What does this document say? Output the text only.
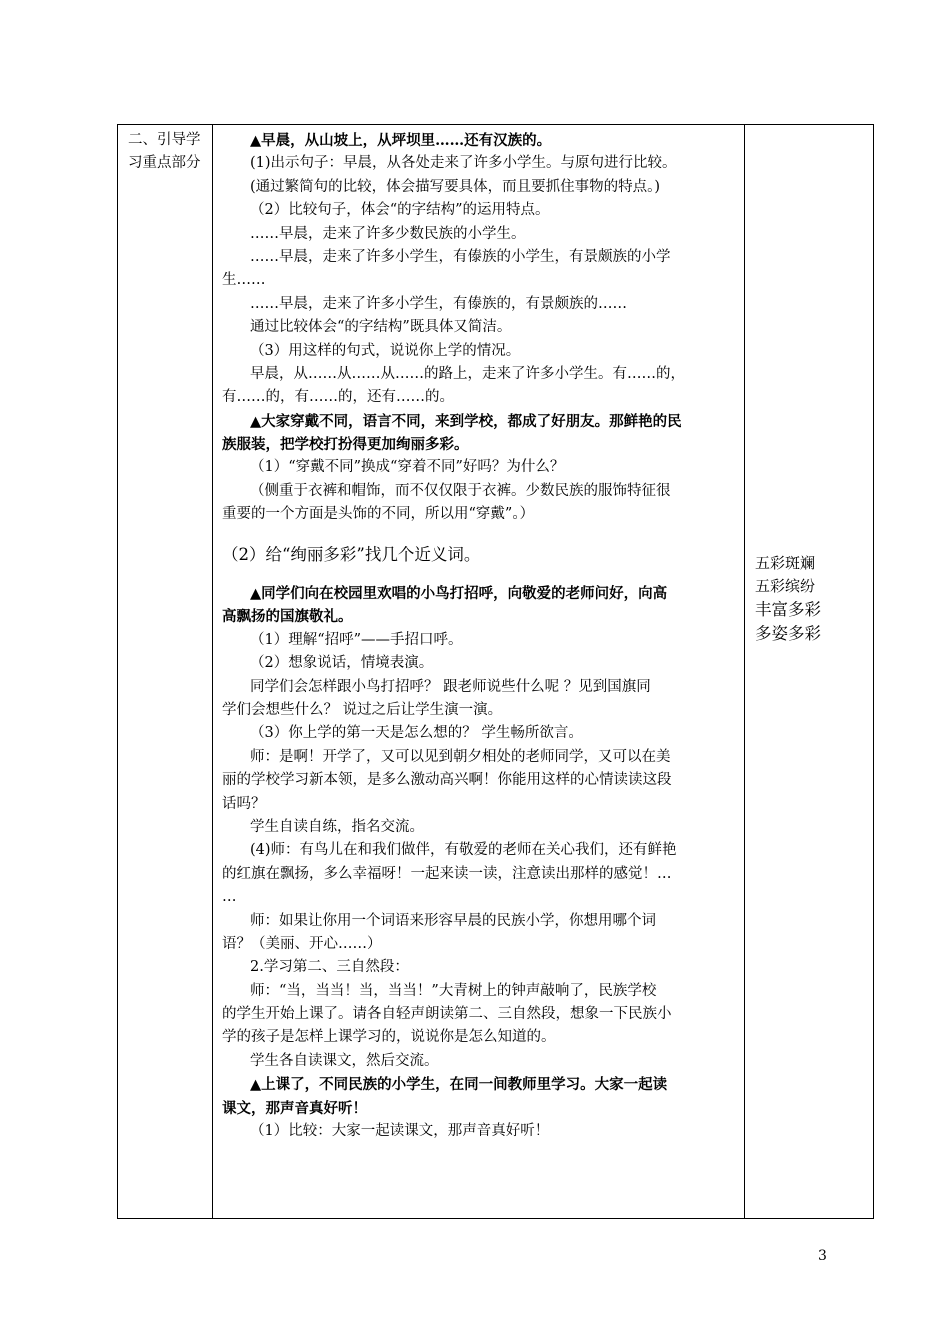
二、引导学习重点部分
▲早晨，从山坡上，从坪坝里……还有汉族的。
(1)出示句子：早晨，从各处走来了许多小学生。与原句进行比较。
(通过繁简句的比较，体会描写要具体，而且要抓住事物的特点。)
（2）比较句子，体会“的字结构”的运用特点。
……早晨，走来了许多少数民族的小学生。
……早晨，走来了许多小学生，有傣族的小学生，有景颇族的小学
生……
……早晨，走来了许多小学生，有傣族的，有景颇族的……
通过比较体会“的字结构”既具体又简洁。
（3）用这样的句式，说说你上学的情况。
早晨，从……从……从……的路上，走来了许多小学生。有……的，
有……的，有……的，还有……的。
▲大家穿戴不同，语言不同，来到学校，都成了好朋友。那鲜艳的民
族服装，把学校打扮得更加绚丽多彩。
（1）“穿戴不同”换成“穿着不同”好吗？为什么？
（侧重于衣裤和帽饰，而不仅仅限于衣裤。少数民族的服饰特征很
重要的一个方面是头饰的不同，所以用“穿戴”。）
（2）给“绚丽多彩”找几个近义词。
▲同学们向在校园里欢唱的小鸟打招呼，向敬爱的老师问好，向高
高飘扬的国旗敬礼。
（1）理解“招呼”——手招口呼。
（2）想象说话，情境表演。
同学们会怎样跟小鸟打招呼？ 跟老师说些什么呢 ？见到国旗同
学们会想些什么？ 说过之后让学生演一演。
（3）你上学的第一天是怎么想的？ 学生畅所欲言。
师：是啊！开学了，又可以见到朝夕相处的老师同学，又可以在美
丽的学校学习新本领，是多么激动高兴啊！你能用这样的心情读读这段
话吗？
学生自读自练，指名交流。
(4)师：有鸟儿在和我们做伴，有敬爱的老师在关心我们，还有鲜艳
的红旗在飘扬，多么幸福呀！一起来读一读，注意读出那样的感觉！…
…
师：如果让你用一个词语来形容早晨的民族小学，你想用哪个词
语？（美丽、开心……）
2.学习第二、三自然段：
师：“当，当当！当，当当！”大青树上的钟声敲响了，民族学校
的学生开始上课了。请各自轻声朗读第二、三自然段，想象一下民族小
学的孩子是怎样上课学习的，说说你是怎么知道的。
学生各自读课文，然后交流。
▲上课了，不同民族的小学生，在同一间教师里学习。大家一起读
课文，那声音真好听！
（1）比较：大家一起读课文，那声音真好听！
五彩斑斓
五彩缤纷
丰富多彩
多姿多彩
3
